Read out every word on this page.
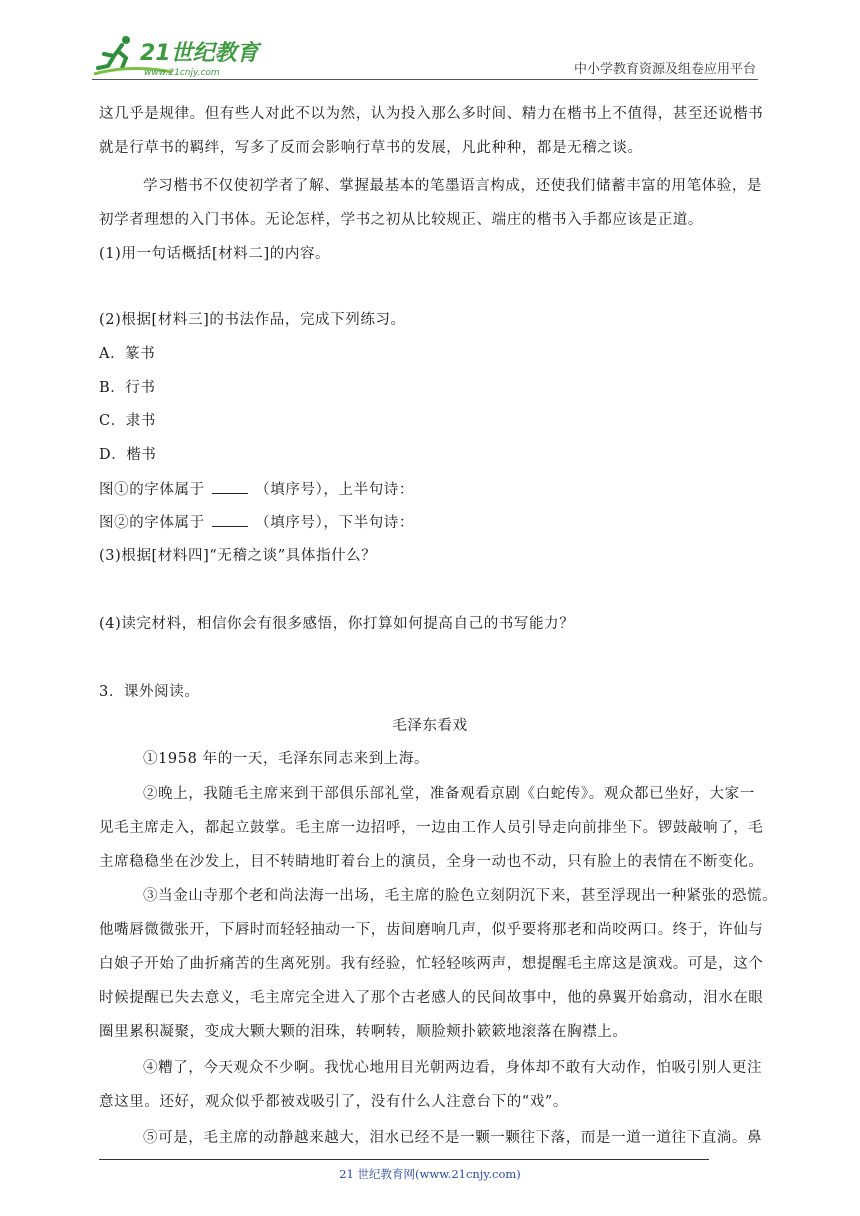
21世纪教育
www.21cnjy.com	中小学教育资源及组卷应用平台
这几乎是规律。但有些人对此不以为然，认为投入那么多时间、精力在楷书上不值得，甚至还说楷书
就是行草书的羁绊，写多了反而会影响行草书的发展，凡此种种，都是无稽之谈。
学习楷书不仅使初学者了解、掌握最基本的笔墨语言构成，还使我们储蓄丰富的用笔体验，是
初学者理想的入门书体。无论怎样，学书之初从比较规正、端庄的楷书入手都应该是正道。
(1)用一句话概括[材料二]的内容。
(2)根据[材料三]的书法作品，完成下列练习。
A．篆书
B．行书
C．隶书
D．楷书
图①的字体属于	（填序号），上半句诗：
图②的字体属于	（填序号），下半句诗：
(3)根据[材料四]“无稽之谈”具体指什么？
(4)读完材料，相信你会有很多感悟，你打算如何提高自己的书写能力？
3．课外阅读。
毛泽东看戏
①1958 年的一天，毛泽东同志来到上海。
②晚上，我随毛主席来到干部俱乐部礼堂，准备观看京剧《白蛇传》。观众都已坐好，大家一
见毛主席走入，都起立鼓掌。毛主席一边招呼，一边由工作人员引导走向前排坐下。锣鼓敲响了，毛
主席稳稳坐在沙发上，目不转睛地盯着台上的演员，全身一动也不动，只有脸上的表情在不断变化。
③当金山寺那个老和尚法海一出场，毛主席的脸色立刻阴沉下来，甚至浮现出一种紧张的恐慌。
他嘴唇微微张开，下唇时而轻轻抽动一下，齿间磨响几声，似乎要将那老和尚咬两口。终于，许仙与
白娘子开始了曲折痛苦的生离死别。我有经验，忙轻轻咳两声，想提醒毛主席这是演戏。可是，这个
时候提醒已失去意义，毛主席完全进入了那个古老感人的民间故事中，他的鼻翼开始翕动，泪水在眼
圈里累积凝聚，变成大颗大颗的泪珠，转啊转，顺脸颊扑簌簌地滚落在胸襟上。
④糟了，今天观众不少啊。我忧心地用目光朝两边看，身体却不敢有大动作，怕吸引别人更注
意这里。还好，观众似乎都被戏吸引了，没有什么人注意台下的“戏”。
⑤可是，毛主席的动静越来越大，泪水已经不是一颗一颗往下落，而是一道一道往下直淌。鼻
21 世纪教育网(www.21cnjy.com)
